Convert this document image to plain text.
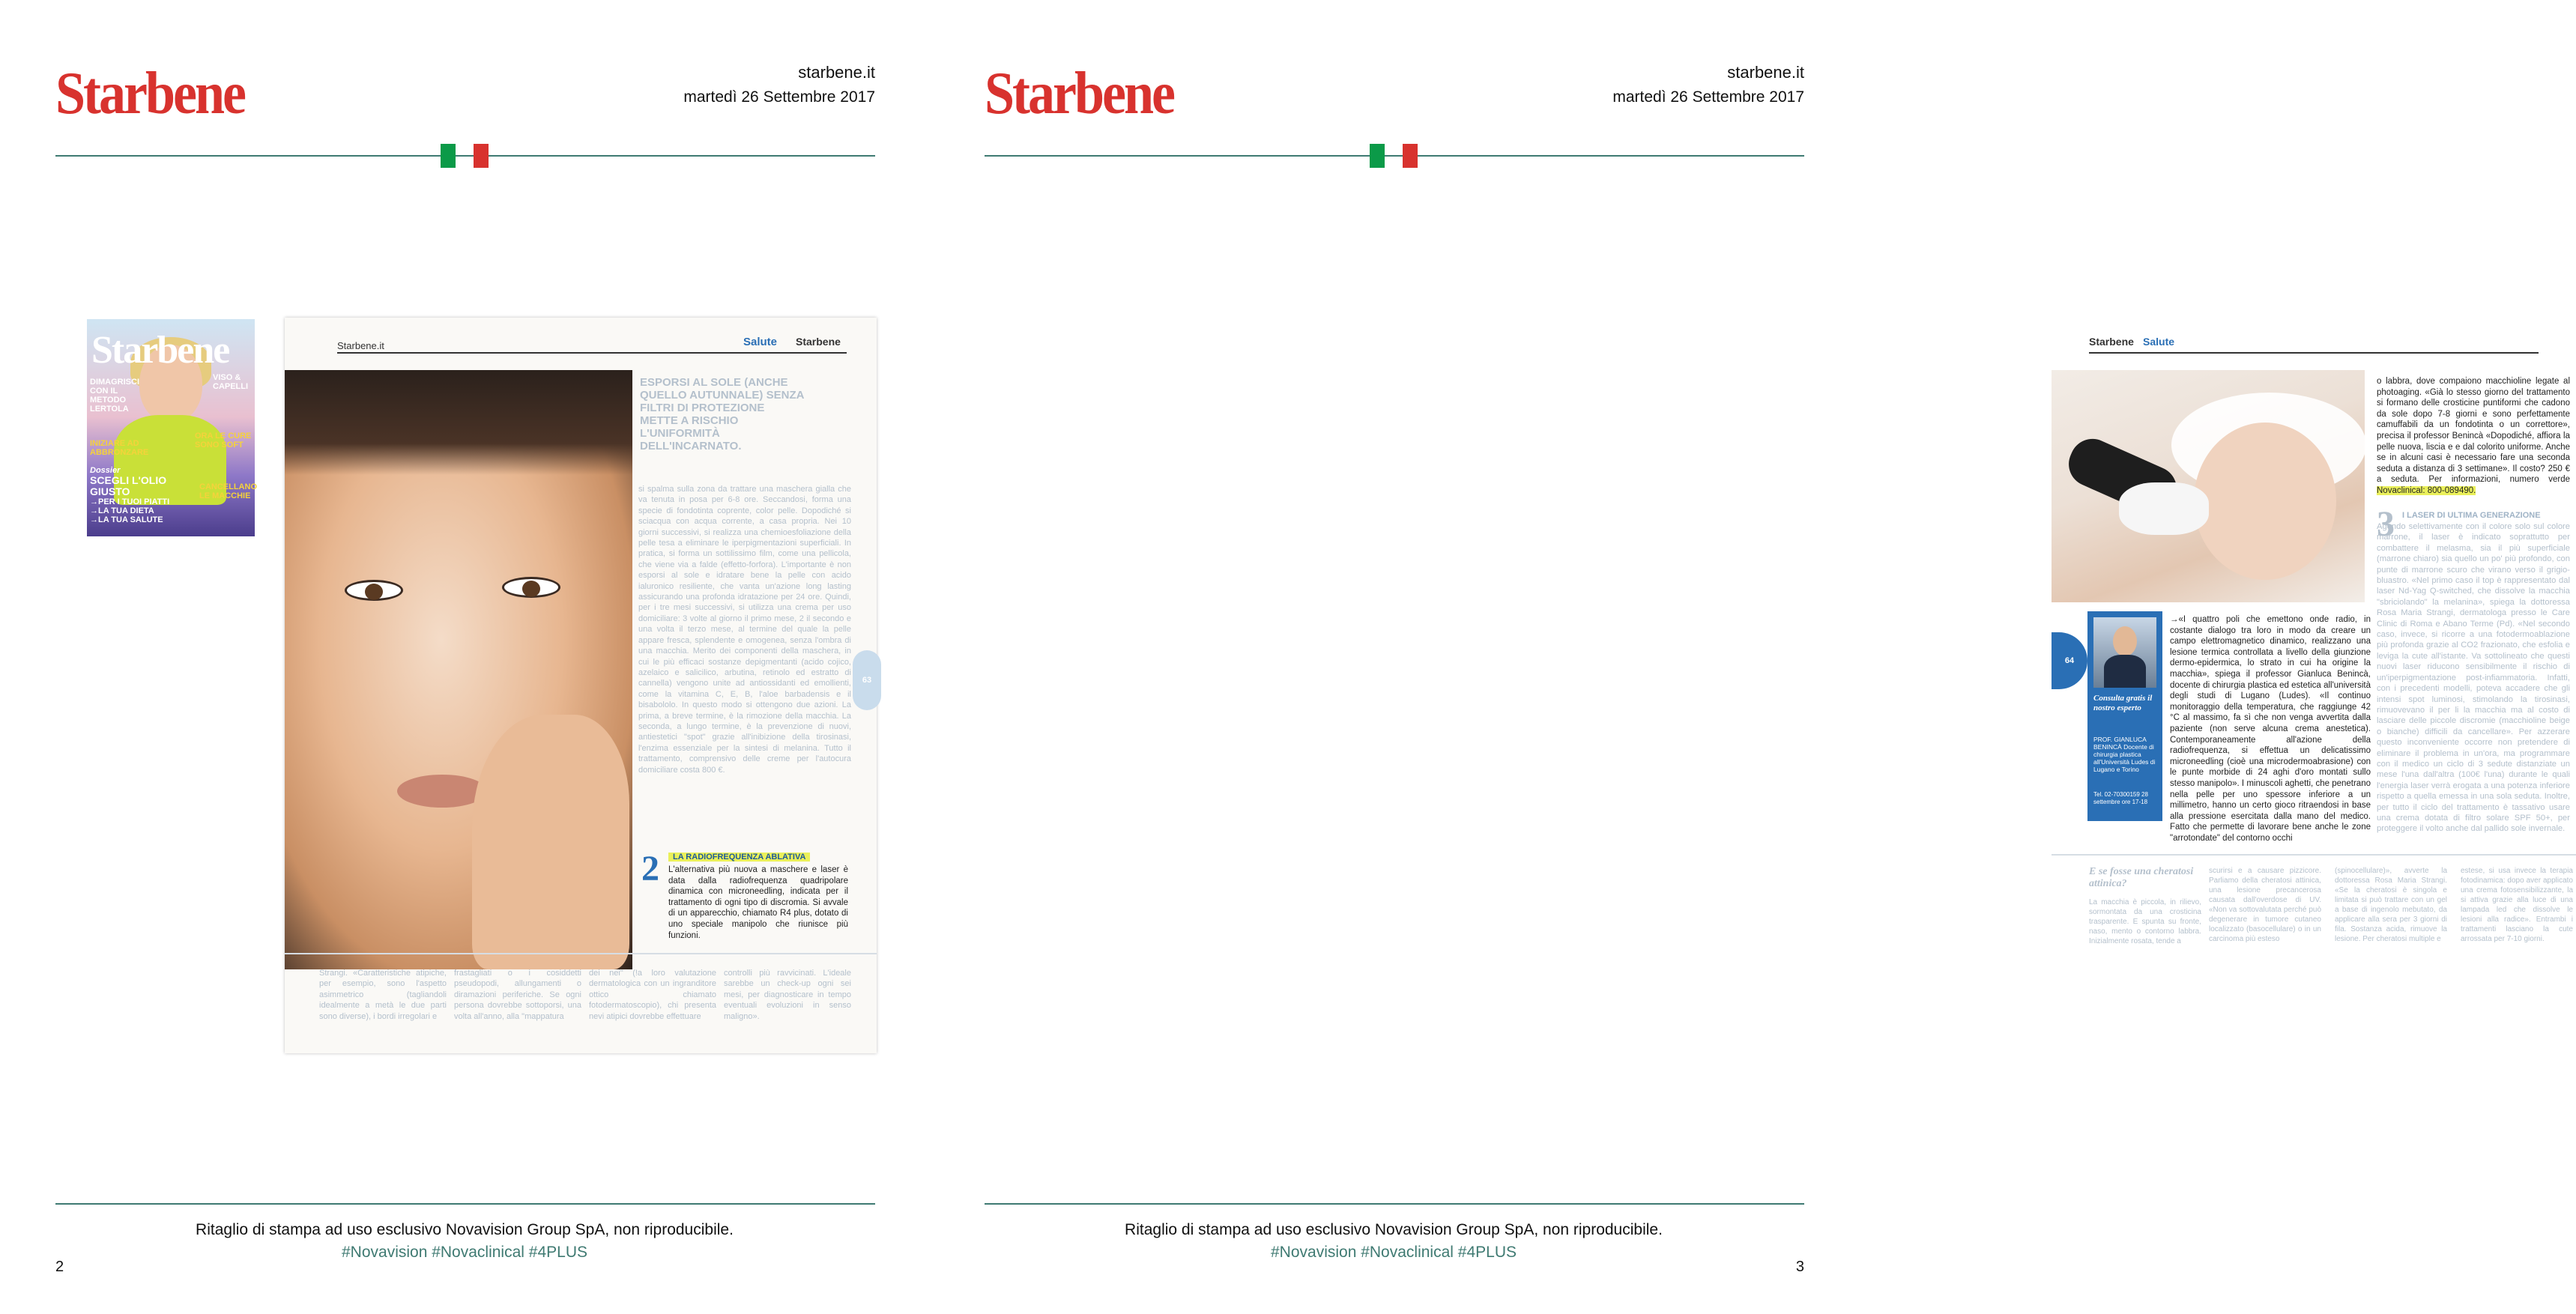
Starbene	starbene.it
martedì 26 Settembre 2017
Starbene
DIMAGRISCI
CON IL
METODO
LERTOLA
VISO &
CAPELLI
ORA LE CURE
SONO SOFT
INIZIARE AD
ABBRONZARE
Dossier
SCEGLI L'OLIO
GIUSTO
→PER I TUOI PIATTI
→LA TUA DIETA
→LA TUA SALUTE
CANCELLANO
LE MACCHIE
Starbene.it	Salute Starbene
ESPORSI AL SOLE (ANCHE QUELLO AUTUNNALE) SENZA FILTRI DI PROTEZIONE METTE A RISCHIO L'UNIFORMITÀ DELL'INCARNATO.
si spalma sulla zona da trattare una maschera gialla che va tenuta in posa per 6-8 ore. Seccandosi, forma una specie di fondotinta coprente, color pelle. Dopodiché si sciacqua con acqua corrente, a casa propria. Nei 10 giorni successivi, si realizza una chemioesfoliazione della pelle tesa a eliminare le iperpigmentazioni superficiali. In pratica, si forma un sottilissimo film, come una pellicola, che viene via a falde (effetto-forfora). L'importante è non esporsi al sole e idratare bene la pelle con acido ialuronico resiliente, che vanta un'azione long lasting assicurando una profonda idratazione per 24 ore. Quindi, per i tre mesi successivi, si utilizza una crema per uso domiciliare: 3 volte al giorno il primo mese, 2 il secondo e una volta il terzo mese, al termine del quale la pelle appare fresca, splendente e omogenea, senza l'ombra di una macchia. Merito dei componenti della maschera, in cui le più efficaci sostanze depigmentanti (acido cojico, azelaico e salicilico, arbutina, retinolo ed estratto di cannella) vengono unite ad antiossidanti ed emollienti, come la vitamina C, E, B, l'aloe barbadensis e il bisabololo. In questo modo si ottengono due azioni. La prima, a breve termine, è la rimozione della macchia. La seconda, a lungo termine, è la prevenzione di nuovi, antiestetici "spot" grazie all'inibizione della tirosinasi, l'enzima essenziale per la sintesi di melanina. Tutto il trattamento, comprensivo delle creme per l'autocura domiciliare costa 800 €.
63
2	LA RADIOFREQUENZA ABLATIVA
L'alternativa più nuova a maschere e laser è data dalla radiofrequenza quadripolare dinamica con microneedling, indicata per il trattamento di ogni tipo di discromia. Si avvale di un apparecchio, chiamato R4 plus, dotato di uno speciale manipolo che riunisce più funzioni.
Strangi. «Caratteristiche atipiche, per esempio, sono l'aspetto asimmetrico (tagliandoli idealmente a metà le due parti sono diverse), i bordi irregolari e
frastagliati o i cosiddetti pseudopodi, allungamenti o diramazioni periferiche. Se ogni persona dovrebbe sottoporsi, una volta all'anno, alla "mappatura
dei nei" (!a loro valutazione dermatologica con un ingranditore ottico chiamato fotodermatoscopio), chi presenta nevi atipici dovrebbe effettuare
controlli più ravvicinati. L'ideale sarebbe un check-up ogni sei mesi, per diagnosticare in tempo eventuali evoluzioni in senso maligno».
Ritaglio di stampa ad uso esclusivo Novavision Group SpA, non riproducibile.
#Novavision #Novaclinical #4PLUS
2
Starbene	starbene.it
martedì 26 Settembre 2017
Starbene Salute
o labbra, dove compaiono macchioline legate al photoaging. «Già lo stesso giorno del trattamento si formano delle crosticine puntiformi che cadono da sole dopo 7-8 giorni e sono perfettamente camuffabili da un fondotinta o un correttore», precisa il professor Benincà «Dopodiché, affiora la pelle nuova, liscia e e dal colorito uniforme. Anche se in alcuni casi è necessario fare una seconda seduta a distanza di 3 settimane». Il costo? 250 € a seduta. Per informazioni, numero verde Novaclinical: 800-089490.
3 I LASER DI ULTIMA GENERAZIONE
Agendo selettivamente con il colore solo sul colore marrone, il laser è indicato soprattutto per combattere il melasma, sia il più superficiale (marrone chiaro) sia quello un po' più profondo, con punte di marrone scuro che virano verso il grigio-bluastro. «Nel primo caso il top è rappresentato dal laser Nd-Yag Q-switched, che dissolve la macchia "sbriciolando" la melanina», spiega la dottoressa Rosa Maria Strangi, dermatologa presso le Care Clinic di Roma e Abano Terme (Pd). «Nel secondo caso, invece, si ricorre a una fotodermoablazione più profonda grazie al CO2 frazionato, che esfolia e leviga la cute all'istante. Va sottolineato che questi nuovi laser riducono sensibilmente il rischio di un'iperpigmentazione post-infiammatoria. Infatti, con i precedenti modelli, poteva accadere che gli intensi spot luminosi, stimolando la tirosinasi, rimuovevano il per li la macchia ma al costo di lasciare delle piccole discromie (macchioline beige o bianche) difficili da cancellare». Per azzerare questo inconveniente occorre non pretendere di eliminare il problema in un'ora, ma programmare con il medico un ciclo di 3 sedute distanziate un mese l'una dall'altra (100€ l'una) durante le quali l'energia laser verrà erogata a una potenza inferiore rispetto a quella emessa in una sola seduta. Inoltre, per tutto il ciclo del trattamento è tassativo usare una crema dotata di filtro solare SPF 50+, per proteggere il volto anche dal pallido sole invernale.
64
Consulta gratis il nostro esperto
PROF. GIANLUCA BENINCÀ Docente di chirurgia plastica all'Università Ludes di Lugano e Torino
Tel. 02-70300159 28 settembre ore 17-18
→«I quattro poli che emettono onde radio, in costante dialogo tra loro in modo da creare un campo elettromagnetico dinamico, realizzano una lesione termica controllata a livello della giunzione dermo-epidermica, lo strato in cui ha origine la macchia», spiega il professor Gianluca Benincà, docente di chirurgia plastica ed estetica all'università degli studi di Lugano (Ludes). «Il continuo monitoraggio della temperatura, che raggiunge 42 °C al massimo, fa sì che non venga avvertita dalla paziente (non serve alcuna crema anestetica). Contemporaneamente all'azione della radiofrequenza, si effettua un delicatissimo microneedling (cioè una microdermoabrasione) con le punte morbide di 24 aghi d'oro montati sullo stesso manipolo». I minuscoli aghetti, che penetrano nella pelle per uno spessore inferiore a un millimetro, hanno un certo gioco ritraendosi in base alla pressione esercitata dalla mano del medico. Fatto che permette di lavorare bene anche le zone "arrotondate" del contorno occhi
E se fosse una cheratosi attinica?
La macchia è piccola, in rilievo, sormontata da una crosticina trasparente. E spunta su fronte, naso, mento o contorno labbra. Inizialmente rosata, tende a
scurirsi e a causare pizzicore. Parliamo della cheratosi attinica, una lesione precancerosa causata dall'overdose di UV. «Non va sottovalutata perché può degenerare in tumore cutaneo localizzato (basocellulare) o in un carcinoma più esteso
(spinocellulare)», avverte la dottoressa Rosa Maria Strangi. «Se la cheratosi è singola e limitata si può trattare con un gel a base di ingenolo mebutato, da applicare alla sera per 3 giorni di fila. Sostanza acida, rimuove la lesione. Per cheratosi multiple e
estese, si usa invece la terapia fotodinamica: dopo aver applicato una crema fotosensibilizzante, la si attiva grazie alla luce di una lampada led che dissolve le lesioni alla radice». Entrambi i trattamenti lasciano la cute arrossata per 7-10 giorni.
Ritaglio di stampa ad uso esclusivo Novavision Group SpA, non riproducibile.
#Novavision #Novaclinical #4PLUS
3
